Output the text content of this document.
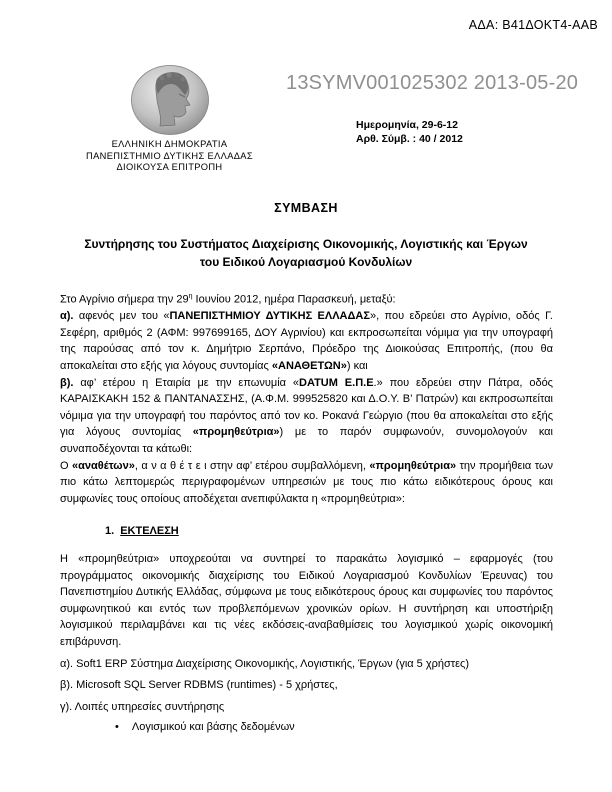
ΑΔΑ: Β41ΔΟΚΤ4-ΑΑΒ
ΕΛΛΗΝΙΚΗ ΔΗΜΟΚΡΑΤΙΑ
ΠΑΝΕΠΙΣΤΗΜΙΟ ΔΥΤΙΚΗΣ ΕΛΛΑΔΑΣ
ΔΙΟΙΚΟΥΣΑ ΕΠΙΤΡΟΠΗ
13SYMV001025302 2013-05-20
Ημερομηνία, 29-6-12
Αρθ. Σύμβ. : 40 / 2012
ΣΥΜΒΑΣΗ
Συντήρησης του Συστήματος Διαχείρισης Οικονομικής, Λογιστικής και Έργων
του Ειδικού Λογαριασμού Κονδυλίων

Στο Αγρίνιο σήμερα την $29^\eta$ Ιουνίου 2012, ημέρα Παρασκευή, μεταξύ:

α). αφενός μεν του «ΠΑΝΕΠΙΣΤΗΜΙΟΥ ΔΥΤΙΚΗΣ ΕΛΛΑΔΑΣ», που εδρεύει στο Αγρίνιο, οδός Γ. Σεφέρη, αριθμός 2 (ΑΦΜ: 997699165, ΔΟΥ Αγρινίου) και εκπροσωπείται νόμιμα για την υπογραφή της παρούσας από τον κ. Δημήτριο Σερπάνο, Πρόεδρο της Διοικούσας Επιτροπής, (που θα αποκαλείται στο εξής για λόγους συντομίας «ΑΝΑΘΕΤΩΝ») και

β). αφ’ ετέρου η Εταιρία με την επωνυμία «DATUM Ε.Π.Ε.» που εδρεύει στην Πάτρα, οδός ΚΑΡΑΙΣΚΑΚΗ 152 & ΠΑΝΤΑΝΑΣΣΗΣ, (Α.Φ.Μ. 999525820 και Δ.Ο.Υ. Β’ Πατρών) και εκπροσωπείται νόμιμα για την υπογραφή του παρόντος από τον κο. Ροκανά Γεώργιο (που θα αποκαλείται στο εξής για λόγους συντομίας «προμηθεύτρια») με το παρόν συμφωνούν, συνομολογούν και συναποδέχονται τα κάτωθι:

Ο «αναθέτων», α ν α θ έ τ ε ι στην αφ’ ετέρου συμβαλλόμενη, «προμηθεύτρια» την προμήθεια των πιο κάτω λεπτομερώς περιγραφομένων υπηρεσιών με τους πιο κάτω ειδικότερους όρους και συμφωνίες τους οποίους αποδέχεται ανεπιφύλακτα η «προμηθεύτρια»:

1. ΕΚΤΕΛΕΣΗ

Η «προμηθεύτρια» υποχρεούται να συντηρεί το παρακάτω λογισμικό – εφαρμογές (του προγράμματος οικονομικής διαχείρισης του Ειδικού Λογαριασμού Κονδυλίων Έρευνας) του Πανεπιστημίου Δυτικής Ελλάδας, σύμφωνα με τους ειδικότερους όρους και συμφωνίες του παρόντος συμφωνητικού και εντός των προβλεπόμενων χρονικών ορίων. Η συντήρηση και υποστήριξη λογισμικού περιλαμβάνει και τις νέες εκδόσεις-αναβαθμίσεις του λογισμικού χωρίς οικονομική επιβάρυνση.

α). Soft1 ERP Σύστημα Διαχείρισης Οικονομικής, Λογιστικής, Έργων (για 5 χρήστες)

β). Microsoft SQL Server RDBMS (runtimes) - 5 χρήστες,

γ). Λοιπές υπηρεσίες συντήρησης

• Λογισμικού και βάσης δεδομένων
